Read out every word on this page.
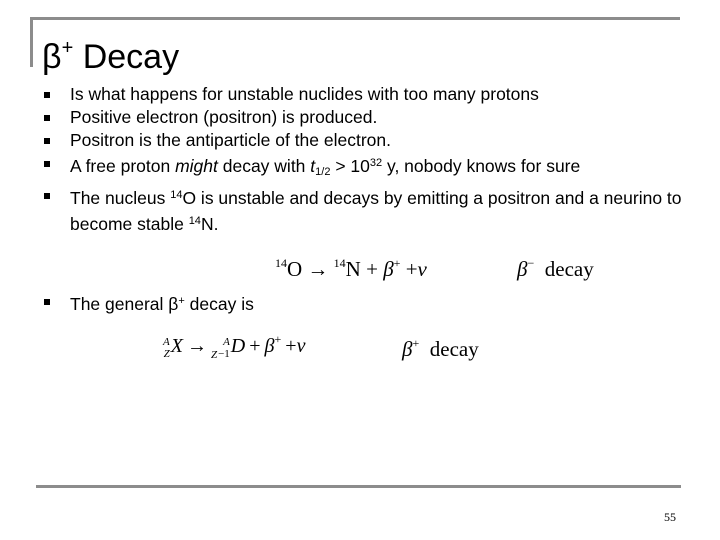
β+ Decay
Is what happens for unstable nuclides with too many protons
Positive electron (positron) is produced.
Positron is the antiparticle of the electron.
A free proton might decay with $t_{1/2} > 10^{32}$ y, nobody knows for sure
The nucleus $^{14}$O is unstable and decays by emitting a positron and a neurino to become stable $^{14}$N.
$^{14}$O → $^{14}$N + β+ +ν	β− decay
The general β+ decay is
A
ZX → ZA
−1D + β+ +ν	β+ decay
55
